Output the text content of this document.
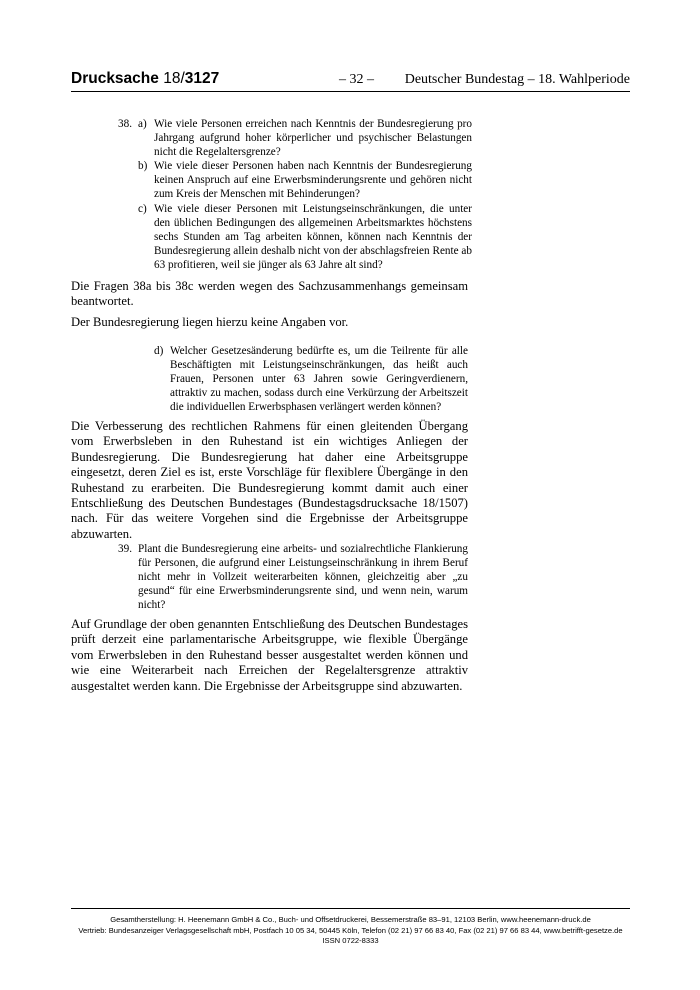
Drucksache 18/3127	– 32 – Deutscher Bundestag – 18. Wahlperiode
38. a) Wie viele Personen erreichen nach Kenntnis der Bundesregierung pro Jahrgang aufgrund hoher körperlicher und psychischer Belastungen nicht die Regelaltersgrenze?
b) Wie viele dieser Personen haben nach Kenntnis der Bundesregierung keinen Anspruch auf eine Erwerbsminderungsrente und gehören nicht zum Kreis der Menschen mit Behinderungen?
c) Wie viele dieser Personen mit Leistungseinschränkungen, die unter den üblichen Bedingungen des allgemeinen Arbeitsmarktes höchstens sechs Stunden am Tag arbeiten können, können nach Kenntnis der Bundesregierung allein deshalb nicht von der abschlagsfreien Rente ab 63 profitieren, weil sie jünger als 63 Jahre alt sind?

Die Fragen 38a bis 38c werden wegen des Sachzusammenhangs gemeinsam beantwortet.

Der Bundesregierung liegen hierzu keine Angaben vor.

d) Welcher Gesetzesänderung bedürfte es, um die Teilrente für alle Beschäftigten mit Leistungseinschränkungen, das heißt auch Frauen, Personen unter 63 Jahren sowie Geringverdienern, attraktiv zu machen, sodass durch eine Verkürzung der Arbeitszeit die individuellen Erwerbsphasen verlängert werden können?

Die Verbesserung des rechtlichen Rahmens für einen gleitenden Übergang vom Erwerbsleben in den Ruhestand ist ein wichtiges Anliegen der Bundesregierung. Die Bundesregierung hat daher eine Arbeitsgruppe eingesetzt, deren Ziel es ist, erste Vorschläge für flexiblere Übergänge in den Ruhestand zu erarbeiten. Die Bundesregierung kommt damit auch einer Entschließung des Deutschen Bundestages (Bundestagsdrucksache 18/1507) nach. Für das weitere Vorgehen sind die Ergebnisse der Arbeitsgruppe abzuwarten.

39. Plant die Bundesregierung eine arbeits- und sozialrechtliche Flankierung für Personen, die aufgrund einer Leistungseinschränkung in ihrem Beruf nicht mehr in Vollzeit weiterarbeiten können, gleichzeitig aber „zu gesund“ für eine Erwerbsminderungsrente sind, und wenn nein, warum nicht?

Auf Grundlage der oben genannten Entschließung des Deutschen Bundestages prüft derzeit eine parlamentarische Arbeitsgruppe, wie flexible Übergänge vom Erwerbsleben in den Ruhestand besser ausgestaltet werden können und wie eine Weiterarbeit nach Erreichen der Regelaltersgrenze attraktiv ausgestaltet werden kann. Die Ergebnisse der Arbeitsgruppe sind abzuwarten.

Gesamtherstellung: H. Heenemann GmbH & Co., Buch- und Offsetdruckerei, Bessemerstraße 83–91, 12103 Berlin, www.heenemann-druck.de
Vertrieb: Bundesanzeiger Verlagsgesellschaft mbH, Postfach 10 05 34, 50445 Köln, Telefon (02 21) 97 66 83 40, Fax (02 21) 97 66 83 44, www.betrifft-gesetze.de
ISSN 0722-8333
